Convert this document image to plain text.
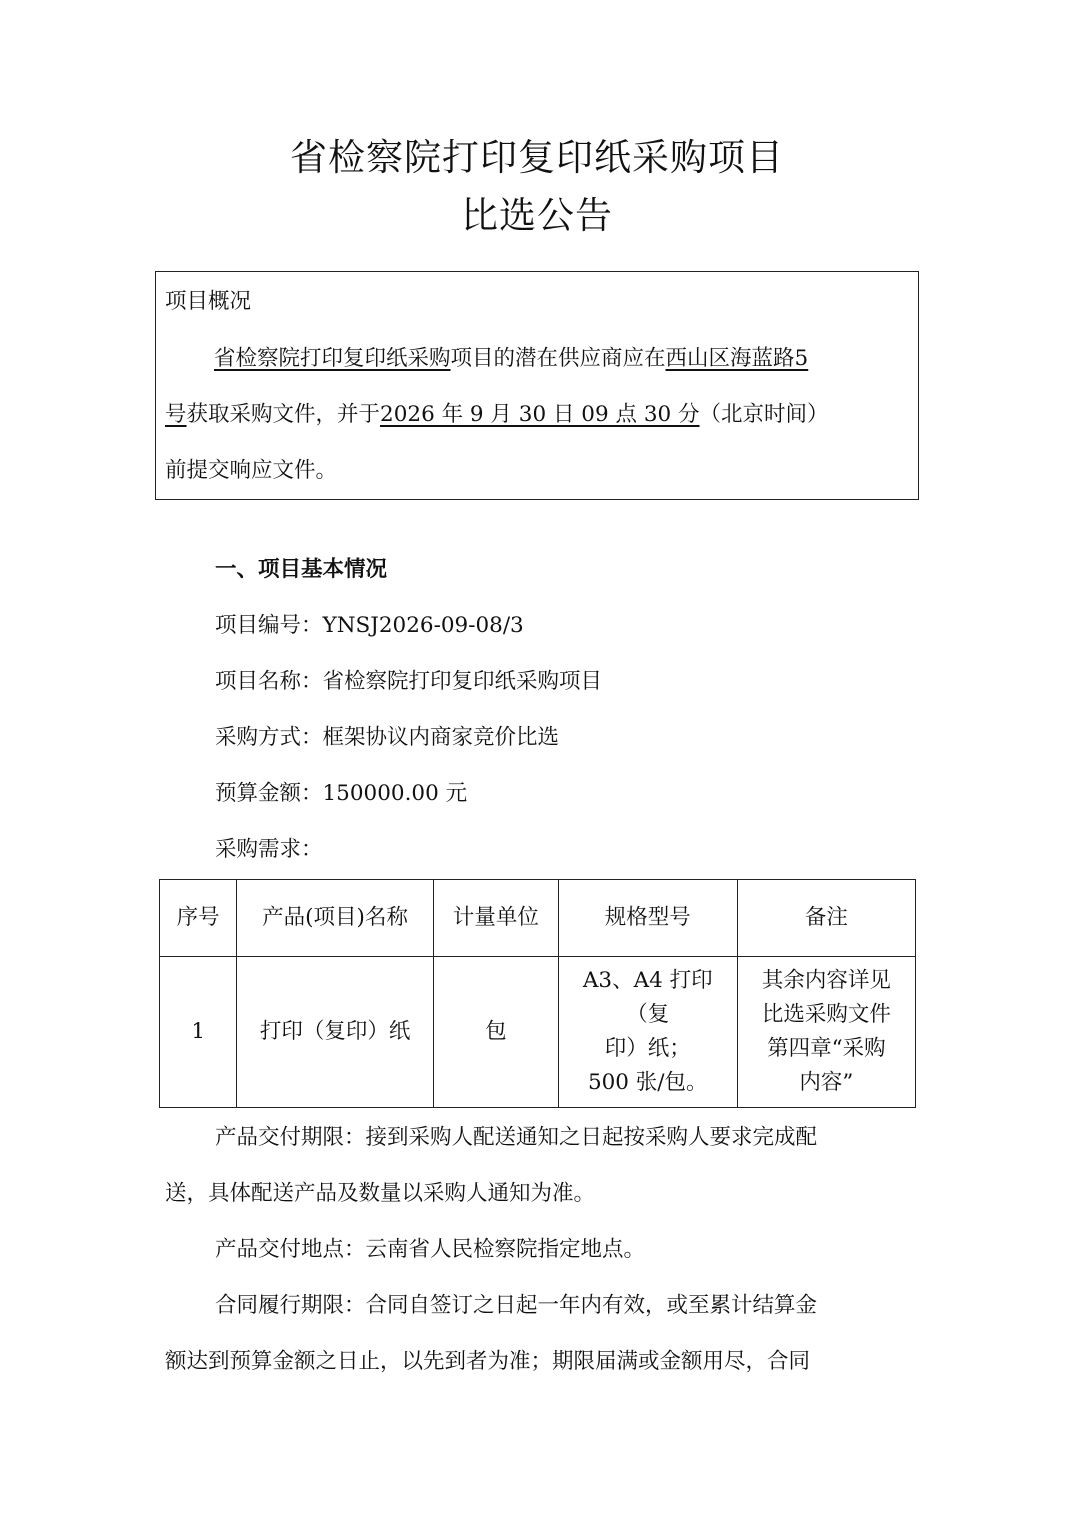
省检察院打印复印纸采购项目
比选公告
项目概况
省检察院打印复印纸采购项目的潜在供应商应在西山区海蓝路5
号获取采购文件，并于2026 年 9 月 30 日 09 点 30 分（北京时间）
前提交响应文件。
一、项目基本情况
项目编号：YNSJ2026-09-08/3
项目名称：省检察院打印复印纸采购项目
采购方式：框架协议内商家竞价比选
预算金额：150000.00 元
采购需求：
序号	产品(项目)名称	计量单位	规格型号	备注
1	打印（复印）纸	包	A3、A4 打印（复
印）纸；
500 张/包。	其余内容详见
比选采购文件
第四章“采购
内容”
产品交付期限：接到采购人配送通知之日起按采购人要求完成配
送，具体配送产品及数量以采购人通知为准。
产品交付地点：云南省人民检察院指定地点。
合同履行期限：合同自签订之日起一年内有效，或至累计结算金
额达到预算金额之日止，以先到者为准；期限届满或金额用尽，合同
